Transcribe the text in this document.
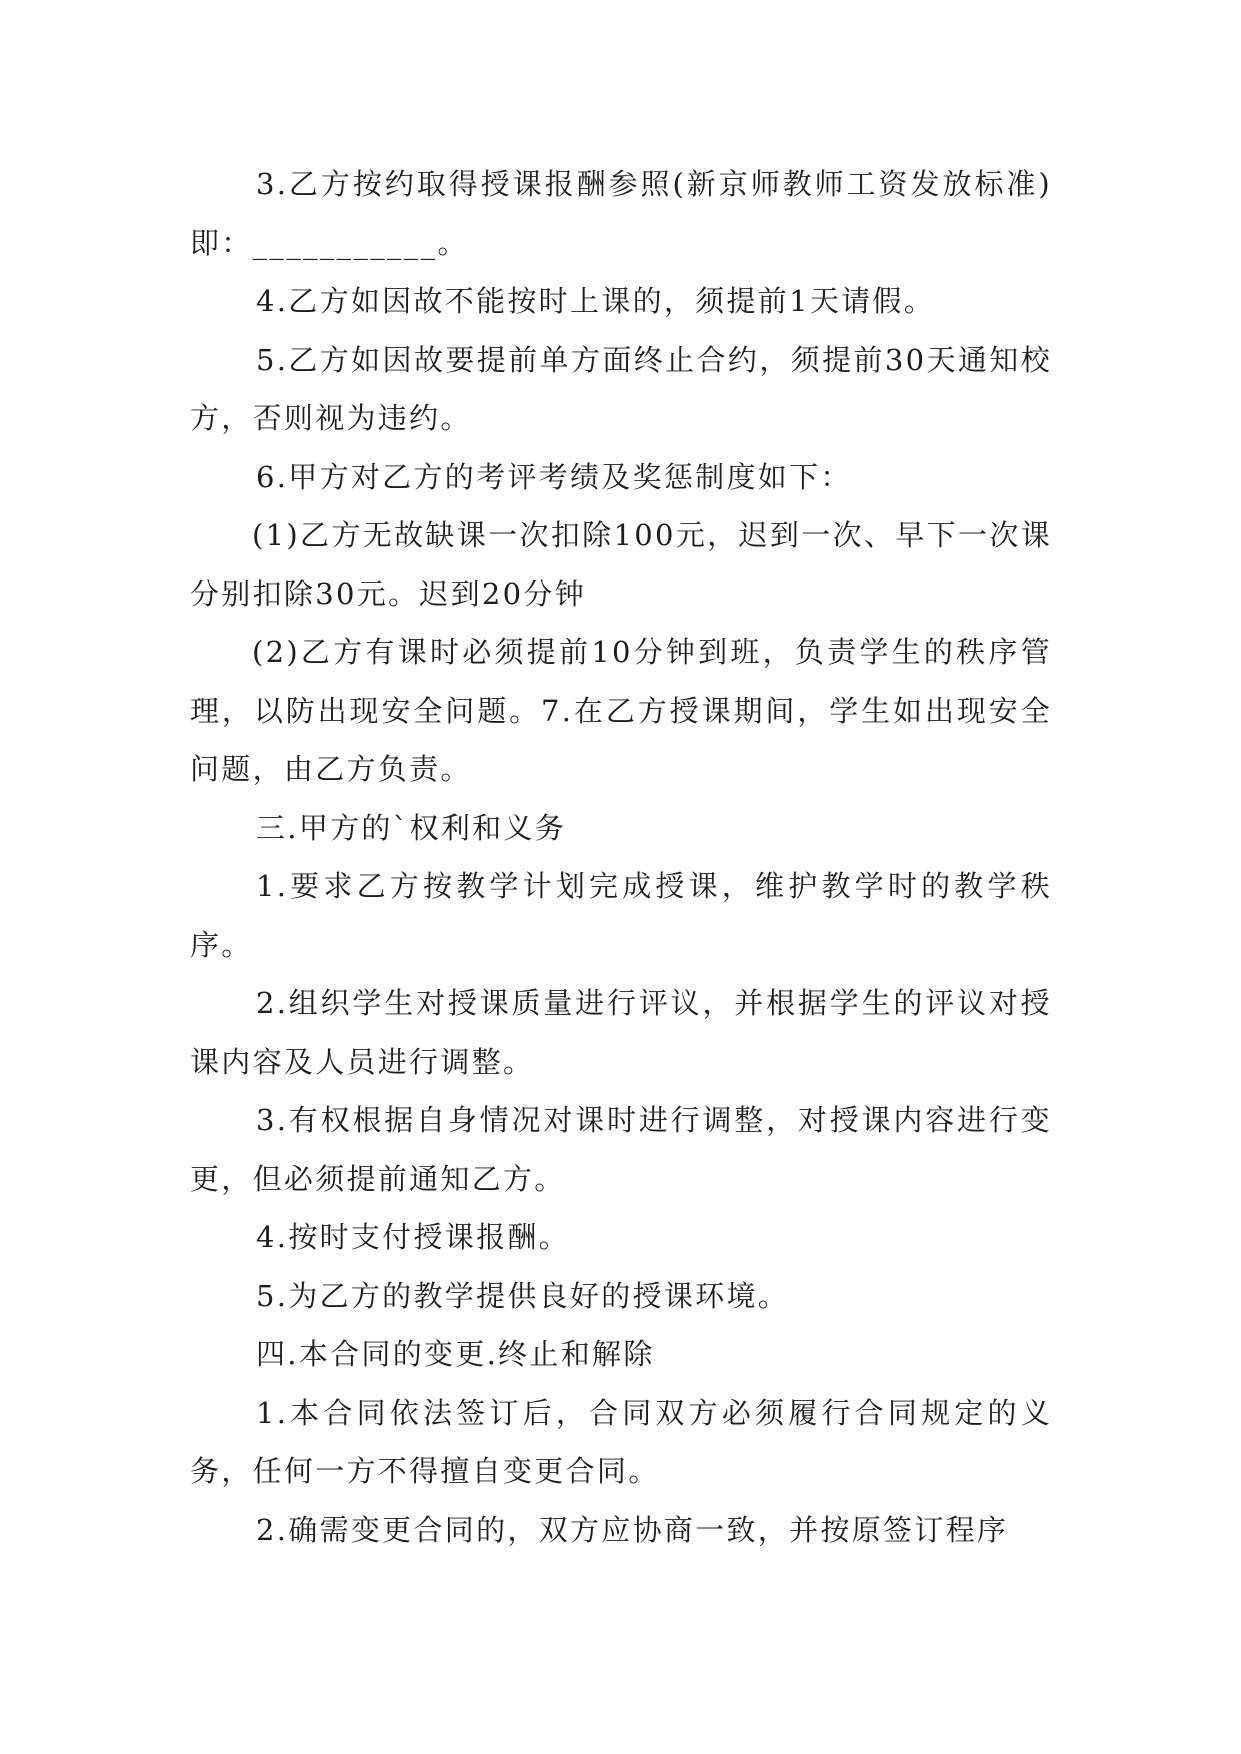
3.乙方按约取得授课报酬参照(新京师教师工资发放标准)即：___________。

4.乙方如因故不能按时上课的，须提前1天请假。

5.乙方如因故要提前单方面终止合约，须提前30天通知校方，否则视为违约。

6.甲方对乙方的考评考绩及奖惩制度如下：

(1)乙方无故缺课一次扣除100元，迟到一次、早下一次课分别扣除30元。迟到20分钟

(2)乙方有课时必须提前10分钟到班，负责学生的秩序管理，以防出现安全问题。7.在乙方授课期间，学生如出现安全问题，由乙方负责。

三.甲方的`权利和义务

1.要求乙方按教学计划完成授课，维护教学时的教学秩序。

2.组织学生对授课质量进行评议，并根据学生的评议对授课内容及人员进行调整。

3.有权根据自身情况对课时进行调整，对授课内容进行变更，但必须提前通知乙方。

4.按时支付授课报酬。

5.为乙方的教学提供良好的授课环境。

四.本合同的变更.终止和解除

1.本合同依法签订后，合同双方必须履行合同规定的义务，任何一方不得擅自变更合同。

2.确需变更合同的，双方应协商一致，并按原签订程序
